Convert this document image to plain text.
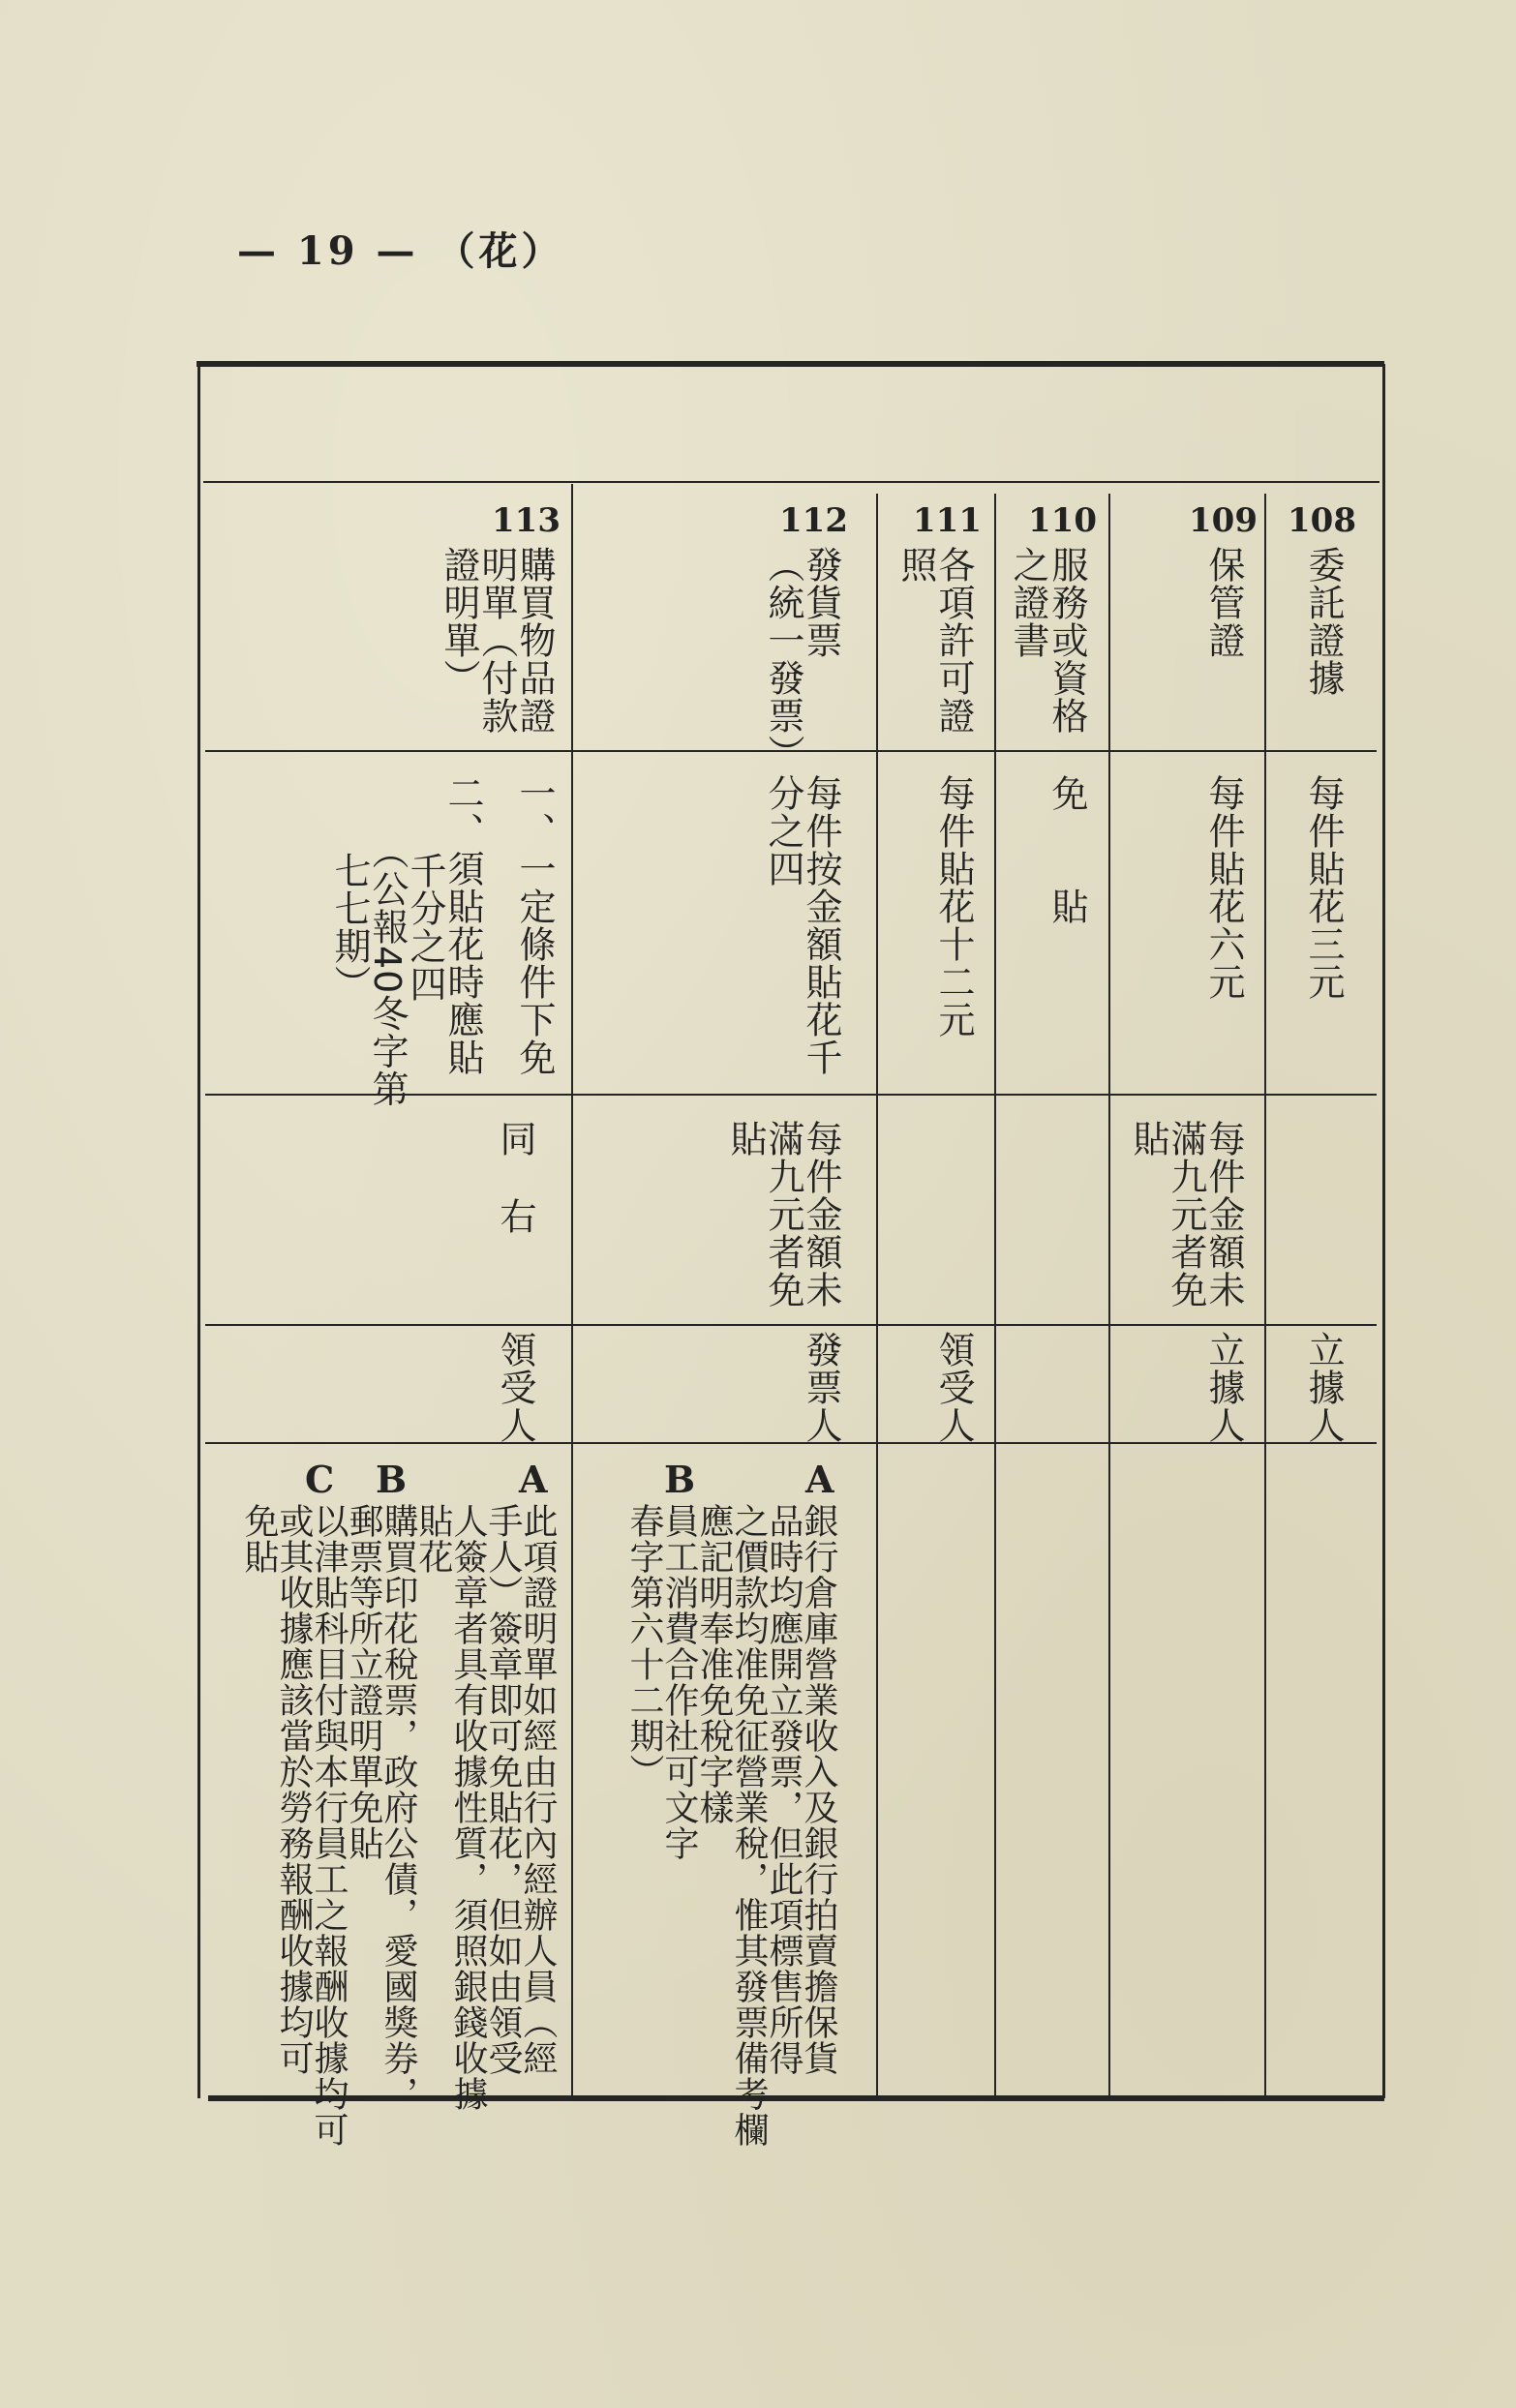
— 19 — （花）
108
委託證據
每件貼花三元
立據人
109
保管證
每件貼花六元
每件金額未
滿九元者免
貼
立據人
110
服務或資格
之證書
免　　貼
111
各項許可證
照
每件貼花十二元
領受人
112
發貨票
（統一發票）
每件按金額貼花千
分之四
每件金額未
滿九元者免
貼
發票人
A
B
銀行倉庫營業收入及銀行拍賣擔保貨
品時均應開立發票，但此項標售所得
之價款均准免征營業稅，惟其發票備考欄
應記明奉准免稅字樣
員工消費合作社可文字
春字第六十二期）
113
購買物品證
明單（付款
證明單）
一、一定條件下免
二、須貼花時應貼
千分之四
（公報40冬字第
七七期）
同
右
領受人
A
B
C
此項證明單如經由行內經辦人員（經
手人）簽章即可免貼花，但如由領受
人簽章者具有收據性質，須照銀錢收據
貼花
購買印花稅票，政府公債，愛國獎券，
郵票等所立證明單免貼
以津貼科目付與本行員工之報酬收據均可
或其收據應該當於勞務報酬收據均可
免貼
